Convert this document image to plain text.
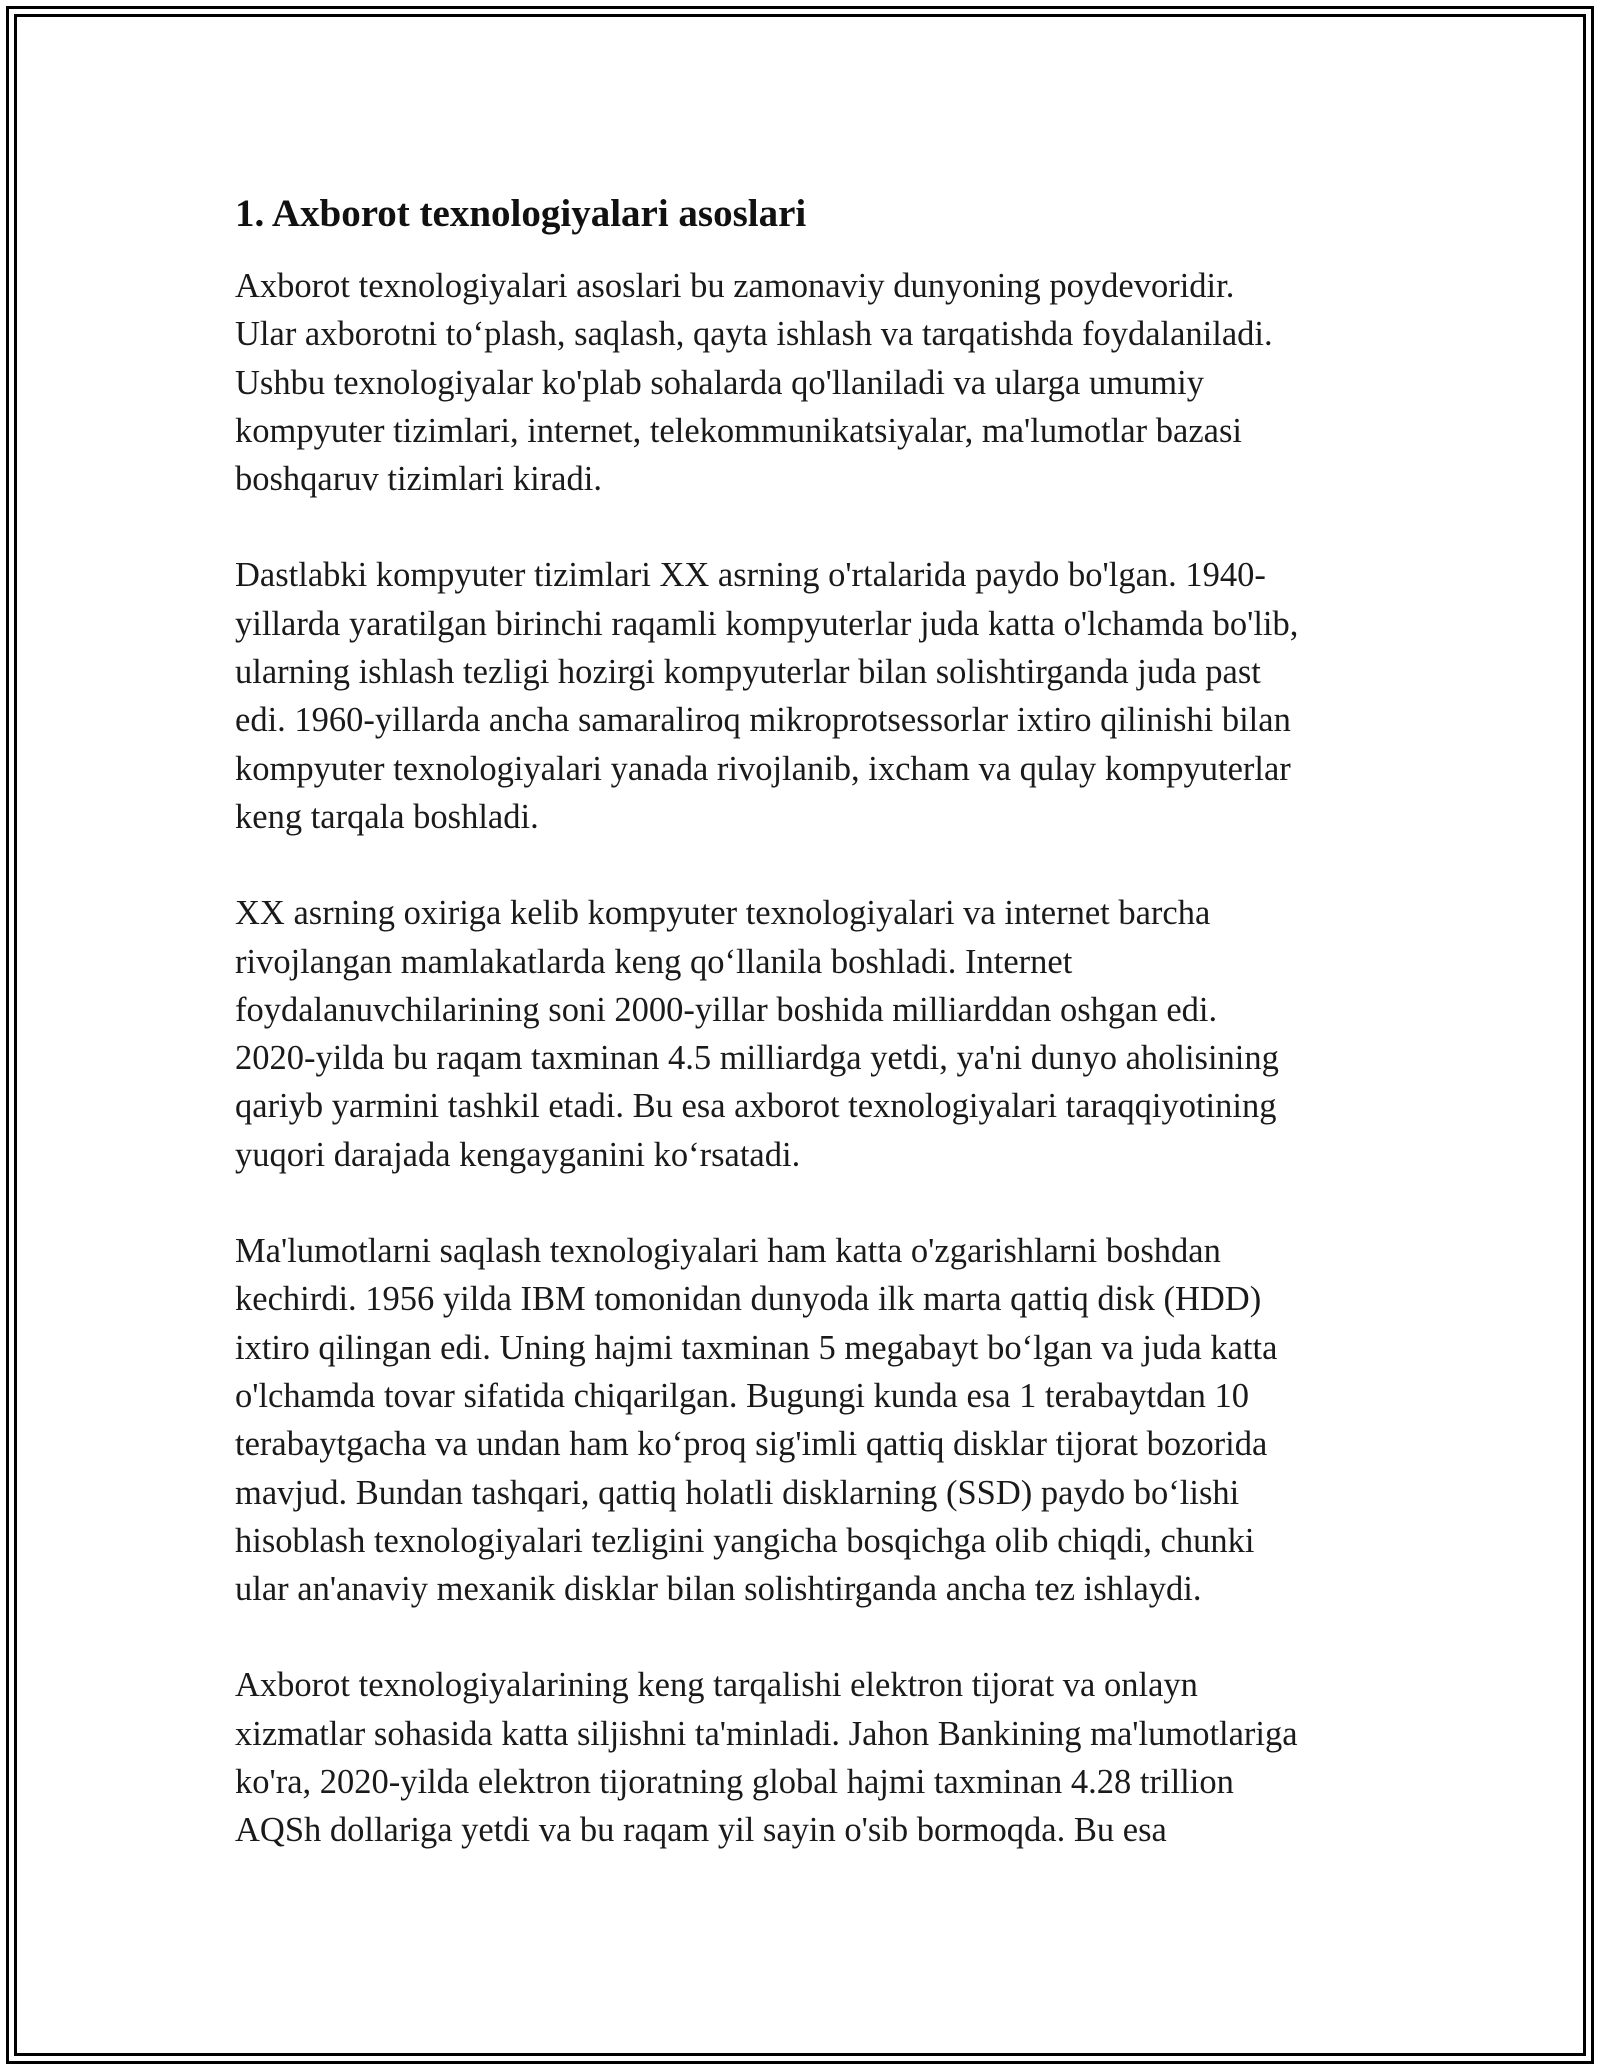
1. Axborot texnologiyalari asoslari

Axborot texnologiyalari asoslari bu zamonaviy dunyoning poydevoridir.
Ular axborotni to‘plash, saqlash, qayta ishlash va tarqatishda foydalaniladi.
Ushbu texnologiyalar ko'plab sohalarda qo'llaniladi va ularga umumiy
kompyuter tizimlari, internet, telekommunikatsiyalar, ma'lumotlar bazasi
boshqaruv tizimlari kiradi.

Dastlabki kompyuter tizimlari XX asrning o'rtalarida paydo bo'lgan. 1940-
yillarda yaratilgan birinchi raqamli kompyuterlar juda katta o'lchamda bo'lib,
ularning ishlash tezligi hozirgi kompyuterlar bilan solishtirganda juda past
edi. 1960-yillarda ancha samaraliroq mikroprotsessorlar ixtiro qilinishi bilan
kompyuter texnologiyalari yanada rivojlanib, ixcham va qulay kompyuterlar
keng tarqala boshladi.

XX asrning oxiriga kelib kompyuter texnologiyalari va internet barcha
rivojlangan mamlakatlarda keng qo‘llanila boshladi. Internet
foydalanuvchilarining soni 2000-yillar boshida milliarddan oshgan edi.
2020-yilda bu raqam taxminan 4.5 milliardga yetdi, ya'ni dunyo aholisining
qariyb yarmini tashkil etadi. Bu esa axborot texnologiyalari taraqqiyotining
yuqori darajada kengayganini ko‘rsatadi.

Ma'lumotlarni saqlash texnologiyalari ham katta o'zgarishlarni boshdan
kechirdi. 1956 yilda IBM tomonidan dunyoda ilk marta qattiq disk (HDD)
ixtiro qilingan edi. Uning hajmi taxminan 5 megabayt bo‘lgan va juda katta
o'lchamda tovar sifatida chiqarilgan. Bugungi kunda esa 1 terabaytdan 10
terabaytgacha va undan ham ko‘proq sig'imli qattiq disklar tijorat bozorida
mavjud. Bundan tashqari, qattiq holatli disklarning (SSD) paydo bo‘lishi
hisoblash texnologiyalari tezligini yangicha bosqichga olib chiqdi, chunki
ular an'anaviy mexanik disklar bilan solishtirganda ancha tez ishlaydi.

Axborot texnologiyalarining keng tarqalishi elektron tijorat va onlayn
xizmatlar sohasida katta siljishni ta'minladi. Jahon Bankining ma'lumotlariga
ko'ra, 2020-yilda elektron tijoratning global hajmi taxminan 4.28 trillion
AQSh dollariga yetdi va bu raqam yil sayin o'sib bormoqda. Bu esa
